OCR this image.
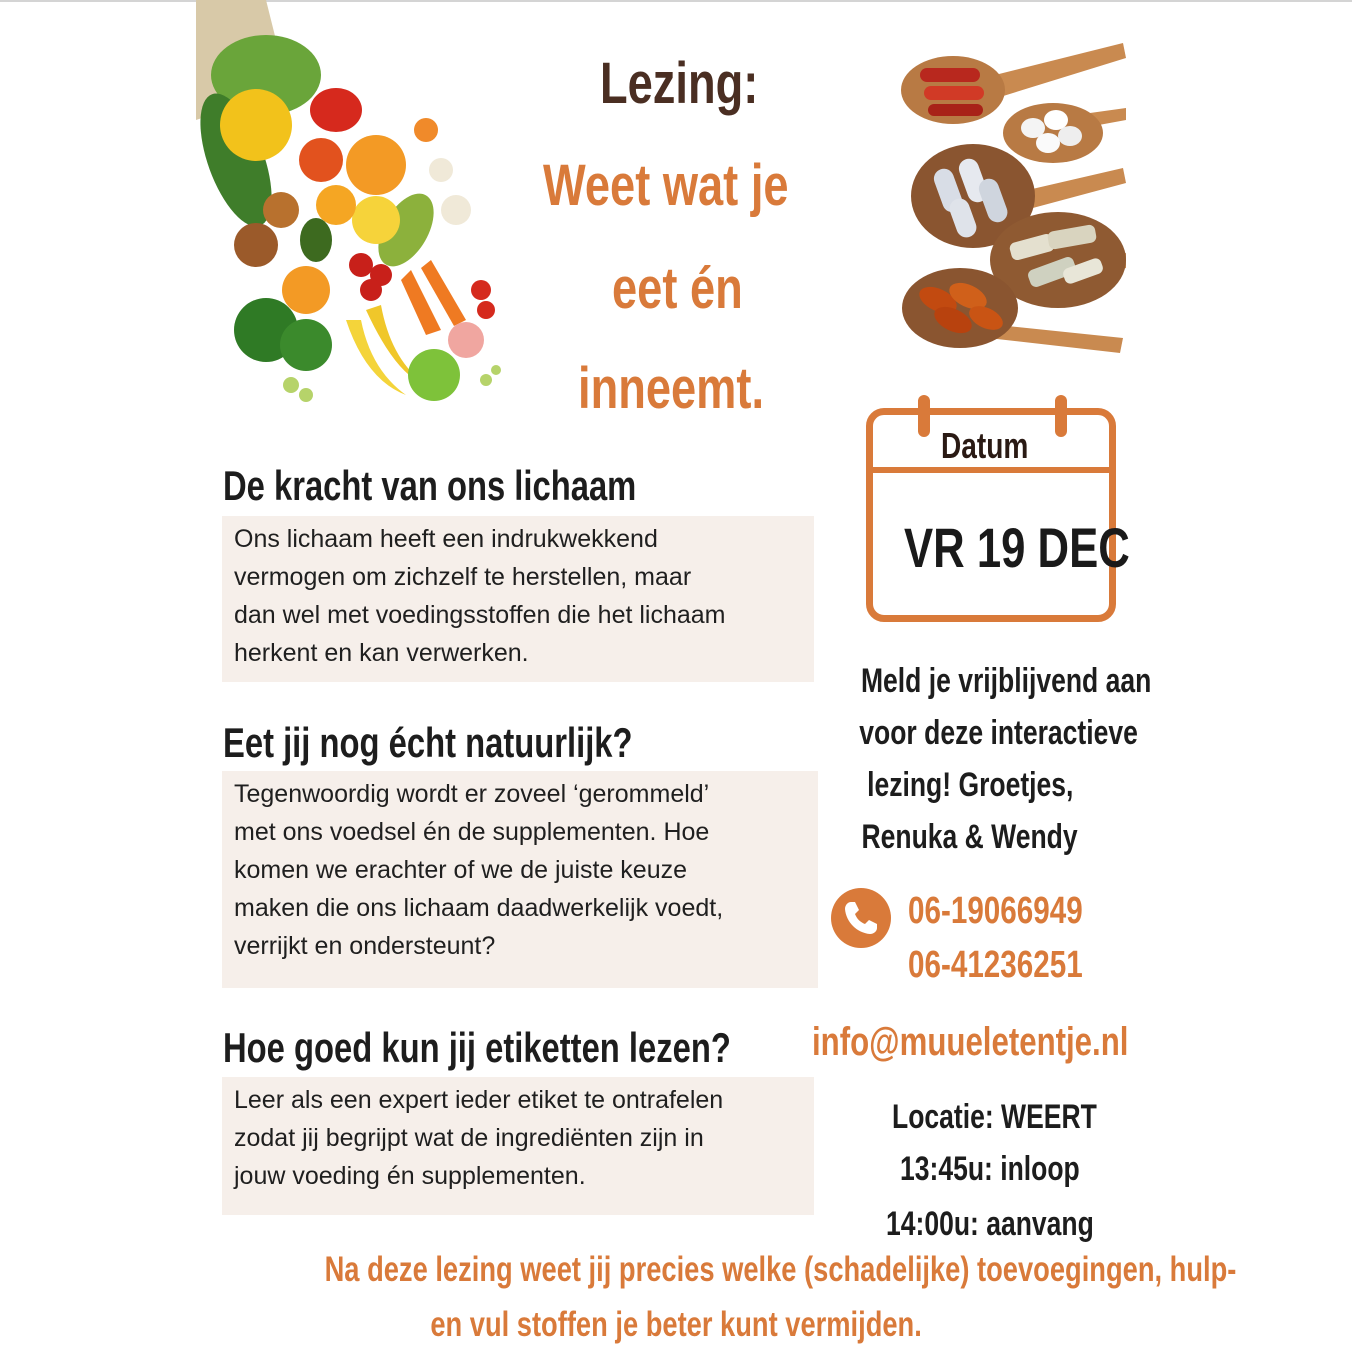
Lezing:
Weet wat je
eet én
inneemt.
De kracht van ons lichaam
Ons lichaam heeft een indrukwekkend
vermogen om zichzelf te herstellen, maar
dan wel met voedingsstoffen die het lichaam
herkent en kan verwerken.
Eet jij nog écht natuurlijk?
Tegenwoordig wordt er zoveel ‘gerommeld’
met ons voedsel én de supplementen. Hoe
komen we erachter of we de juiste keuze
maken die ons lichaam daadwerkelijk voedt,
verrijkt en ondersteunt?
Hoe goed kun jij etiketten lezen?
Leer als een expert ieder etiket te ontrafelen
zodat jij begrijpt wat de ingrediënten zijn in
jouw voeding én supplementen.
Datum
VR 19 DEC
Meld je vrijblijvend aan
voor deze interactieve
lezing! Groetjes,
Renuka & Wendy
06-19066949
06-41236251
info@muueletentje.nl
Locatie: WEERT
13:45u: inloop
14:00u: aanvang
Na deze lezing weet jij precies welke (schadelijke) toevoegingen, hulp-
en vul stoffen je beter kunt vermijden.
